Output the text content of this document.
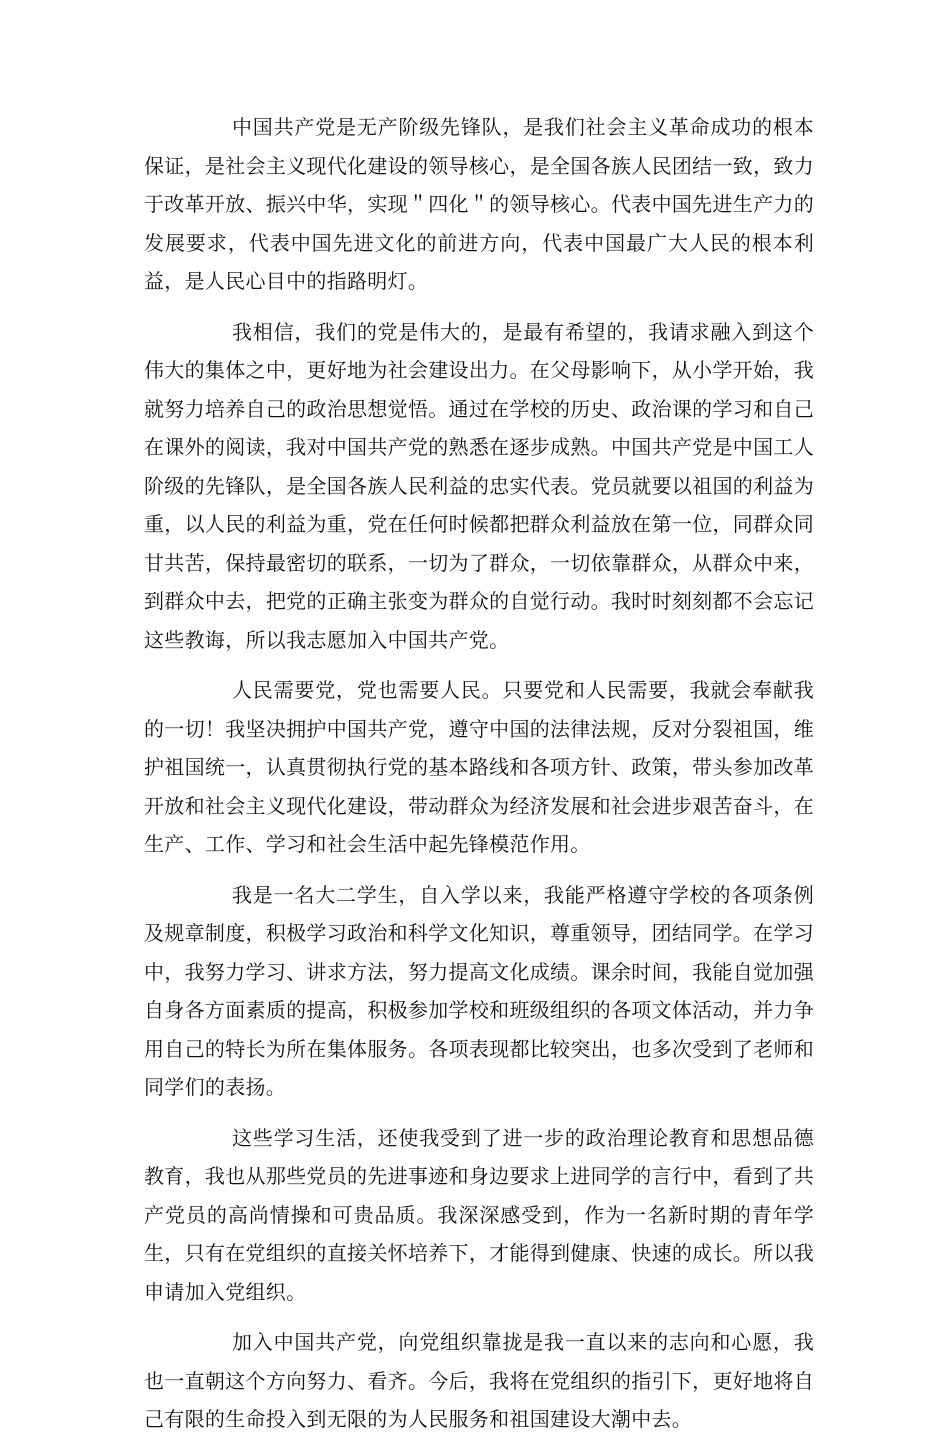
中国共产党是无产阶级先锋队，是我们社会主义革命成功的根本保证，是社会主义现代化建设的领导核心，是全国各族人民团结一致，致力于改革开放、振兴中华，实现＂四化＂的领导核心。代表中国先进生产力的发展要求，代表中国先进文化的前进方向，代表中国最广大人民的根本利益，是人民心目中的指路明灯。

我相信，我们的党是伟大的，是最有希望的，我请求融入到这个伟大的集体之中，更好地为社会建设出力。在父母影响下，从小学开始，我就努力培养自己的政治思想觉悟。通过在学校的历史、政治课的学习和自己在课外的阅读，我对中国共产党的熟悉在逐步成熟。中国共产党是中国工人阶级的先锋队，是全国各族人民利益的忠实代表。党员就要以祖国的利益为重，以人民的利益为重，党在任何时候都把群众利益放在第一位，同群众同甘共苦，保持最密切的联系，一切为了群众，一切依靠群众，从群众中来，到群众中去，把党的正确主张变为群众的自觉行动。我时时刻刻都不会忘记这些教诲，所以我志愿加入中国共产党。

人民需要党，党也需要人民。只要党和人民需要，我就会奉献我的一切！我坚决拥护中国共产党，遵守中国的法律法规，反对分裂祖国，维护祖国统一，认真贯彻执行党的基本路线和各项方针、政策，带头参加改革开放和社会主义现代化建设，带动群众为经济发展和社会进步艰苦奋斗，在生产、工作、学习和社会生活中起先锋模范作用。

我是一名大二学生，自入学以来，我能严格遵守学校的各项条例及规章制度，积极学习政治和科学文化知识，尊重领导，团结同学。在学习中，我努力学习、讲求方法，努力提高文化成绩。课余时间，我能自觉加强自身各方面素质的提高，积极参加学校和班级组织的各项文体活动，并力争用自己的特长为所在集体服务。各项表现都比较突出，也多次受到了老师和同学们的表扬。

这些学习生活，还使我受到了进一步的政治理论教育和思想品德教育，我也从那些党员的先进事迹和身边要求上进同学的言行中，看到了共产党员的高尚情操和可贵品质。我深深感受到，作为一名新时期的青年学生，只有在党组织的直接关怀培养下，才能得到健康、快速的成长。所以我申请加入党组织。

加入中国共产党，向党组织靠拢是我一直以来的志向和心愿，我也一直朝这个方向努力、看齐。今后，我将在党组织的指引下，更好地将自己有限的生命投入到无限的为人民服务和祖国建设大潮中去。
